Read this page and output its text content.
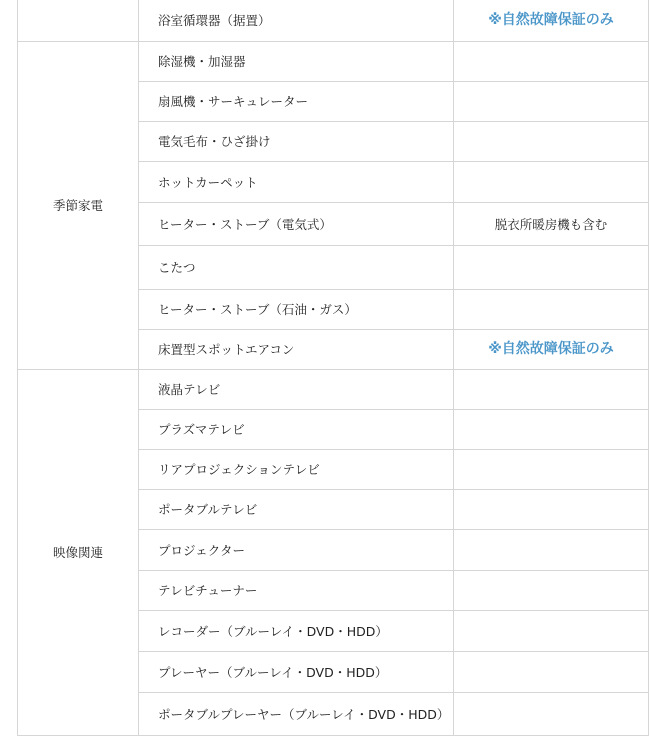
	浴室循環器（据置）	※自然故障保証のみ
季節家電	除湿機・加湿器	
	扇風機・サーキュレーター	
	電気毛布・ひざ掛け	
	ホットカーペット	
	ヒーター・ストーブ（電気式）	脱衣所暖房機も含む
	こたつ	
	ヒーター・ストーブ（石油・ガス）	
	床置型スポットエアコン	※自然故障保証のみ
映像関連	液晶テレビ	
	プラズマテレビ	
	リアプロジェクションテレビ	
	ポータブルテレビ	
	プロジェクター	
	テレビチューナー	
	レコーダー（ブルーレイ・DVD・HDD）	
	プレーヤー（ブルーレイ・DVD・HDD）	
	ポータブルプレーヤー（ブルーレイ・DVD・HDD）	
